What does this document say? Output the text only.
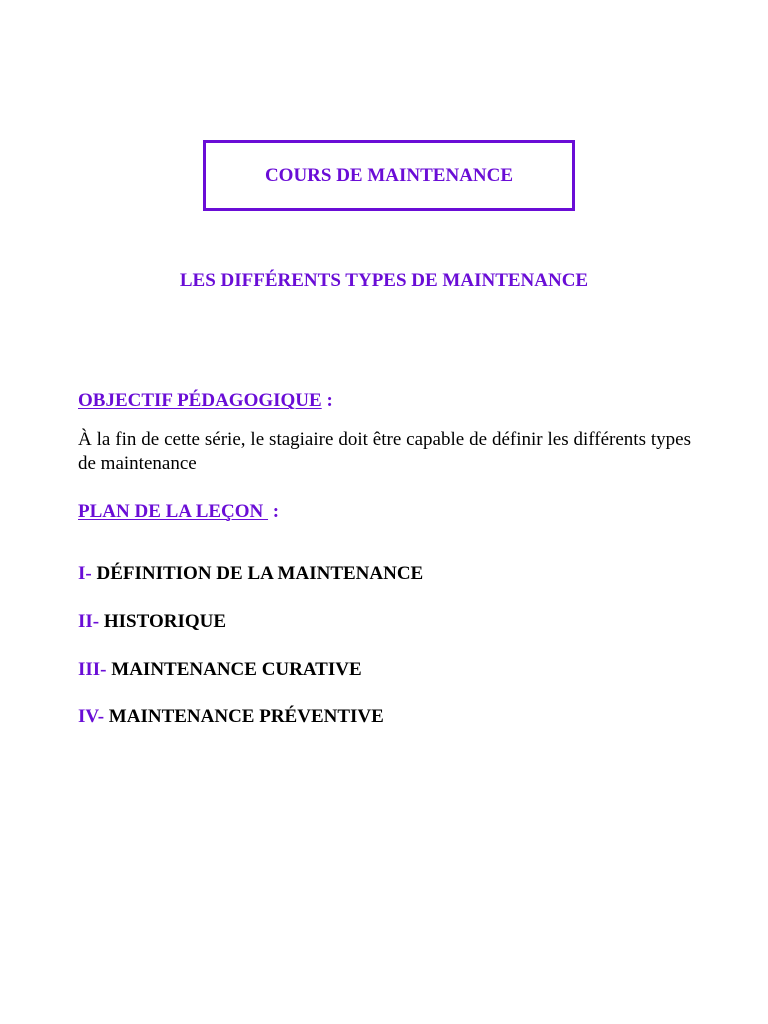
COURS DE MAINTENANCE
LES DIFFÉRENTS TYPES DE MAINTENANCE
OBJECTIF PÉDAGOGIQUE :
À la fin de cette série, le stagiaire doit être capable de définir les différents types de maintenance
PLAN DE LA LEÇON  :
I- DÉFINITION DE LA MAINTENANCE
II- HISTORIQUE
III- MAINTENANCE CURATIVE
IV- MAINTENANCE PRÉVENTIVE
